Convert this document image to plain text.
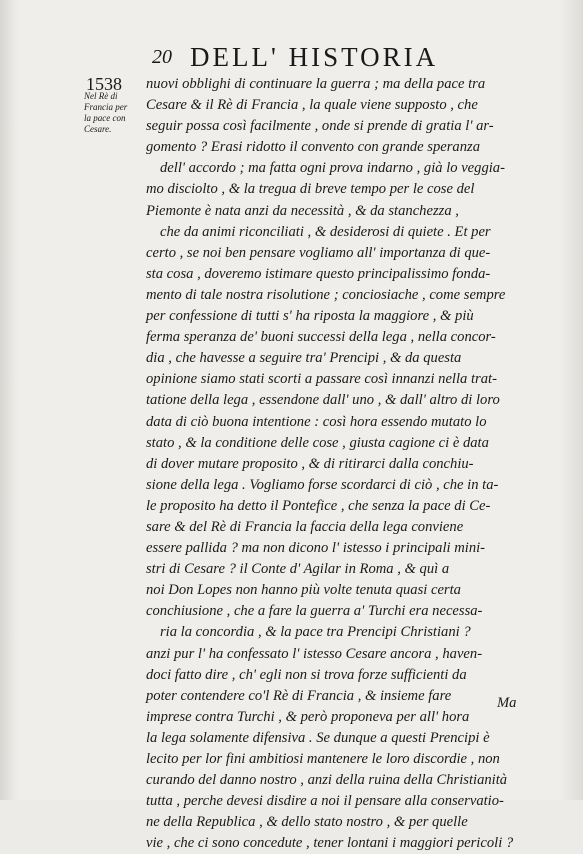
20 DELL' HISTORIA
1538
Nel Rè di
Francia per
la pace con
Cesare.
nuovi obblighi di continuare la guerra ; ma della pace tra
Cesare & il Rè di Francia , la quale viene supposto , che
seguir possa così facilmente , onde si prende di gratia l' ar-
gomento ? Erasi ridotto il convento con grande speranza
dell' accordo ; ma fatta ogni prova indarno , già lo veggia-
mo disciolto , & la tregua di breve tempo per le cose del
Piemonte è nata anzi da necessità , & da stanchezza ,
che da animi riconciliati , & desiderosi di quiete . Et per
certo , se noi ben pensare vogliamo all' importanza di que-
sta cosa , doveremo istimare questo principalissimo fonda-
mento di tale nostra risolutione ; conciosiache , come sempre
per confessione di tutti s' ha riposta la maggiore , & più
ferma speranza de' buoni successi della lega , nella concor-
dia , che havesse a seguire tra' Prencipi , & da questa
opinione siamo stati scorti a passare così innanzi nella trat-
tatione della lega , essendone dall' uno , & dall' altro di loro
data di ciò buona intentione : così hora essendo mutato lo
stato , & la conditione delle cose , giusta cagione ci è data
di dover mutare proposito , & di ritirarci dalla conchiu-
sione della lega . Vogliamo forse scordarci di ciò , che in ta-
le proposito ha detto il Pontefice , che senza la pace di Ce-
sare & del Rè di Francia la faccia della lega conviene
essere pallida ? ma non dicono l' istesso i principali mini-
stri di Cesare ? il Conte d' Agilar in Roma , & quì a
noi Don Lopes non hanno più volte tenuta quasi certa
conchiusione , che a fare la guerra a' Turchi era necessa-
ria la concordia , & la pace tra Prencipi Christiani ?
anzi pur l' ha confessato l' istesso Cesare ancora , haven-
doci fatto dire , ch' egli non si trova forze sufficienti da
poter contendere co'l Rè di Francia , & insieme fare
imprese contra Turchi , & però proponeva per all' hora
la lega solamente difensiva . Se dunque a questi Prencipi è
lecito per lor fini ambitiosi mantenere le loro discordie , non
curando del danno nostro , anzi della ruina della Christianità
tutta , perche devesi disdire a noi il pensare alla conservatio-
ne della Republica , & dello stato nostro , & per quelle
vie , che ci sono concedute , tener lontani i maggiori pericoli ?
Ma
